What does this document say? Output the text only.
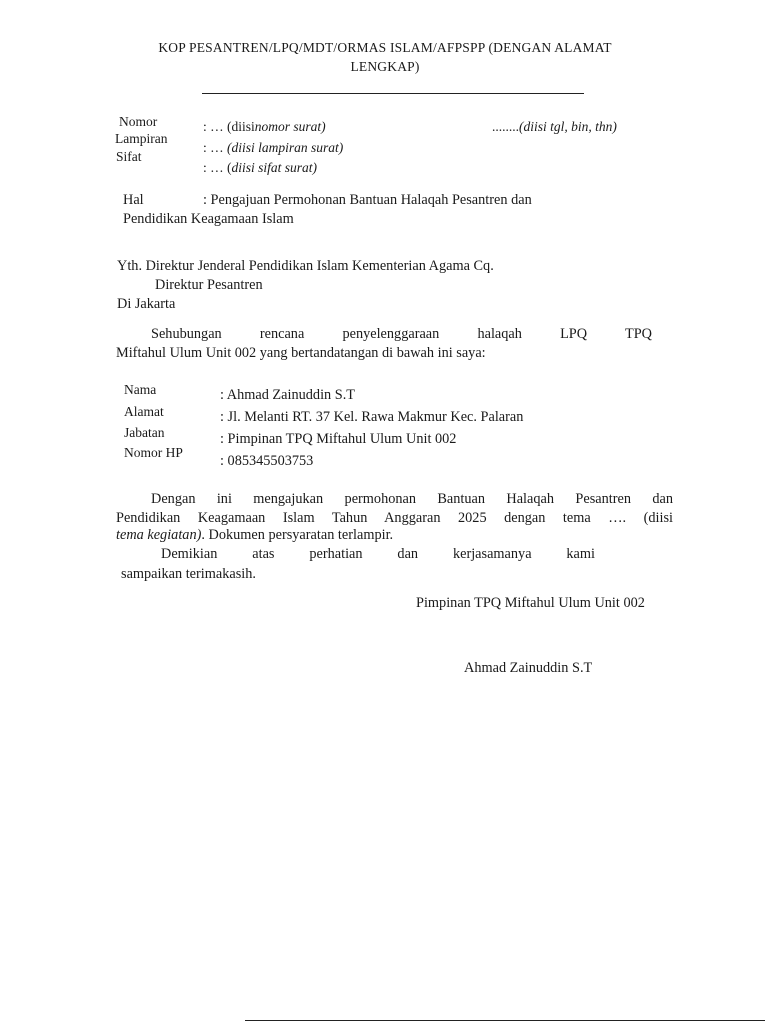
KOP PESANTREN/LPQ/MDT/ORMAS ISLAM/AFPSPP (DENGAN ALAMAT
LENGKAP)
Nomor
Lampiran
Sifat
: … (diisinomor surat)
: … (diisi lampiran surat)
: … (diisi sifat surat)
........(diisi tgl, bin, thn)
Hal	: Pengajuan Permohonan Bantuan Halaqah Pesantren dan
Pendidikan Keagamaan Islam
Yth. Direktur Jenderal Pendidikan Islam Kementerian Agama Cq.
Direktur Pesantren
Di Jakarta
Sehubungan rencana penyelenggaraan halaqah LPQ TPQ
Miftahul Ulum Unit 002 yang bertandatangan di bawah ini saya:
Nama
Alamat
Jabatan
Nomor HP
: Ahmad Zainuddin S.T
: Jl. Melanti RT. 37 Kel. Rawa Makmur Kec. Palaran
: Pimpinan TPQ Miftahul Ulum Unit 002
: 085345503753
Dengan ini mengajukan permohonan Bantuan Halaqah Pesantren dan
Pendidikan Keagamaan Islam Tahun Anggaran 2025 dengan tema …. (diisi
tema kegiatan). Dokumen persyaratan terlampir.
Demikian atas perhatian dan kerjasamanya kami
sampaikan terimakasih.
Pimpinan TPQ Miftahul Ulum Unit 002
Ahmad Zainuddin S.T
